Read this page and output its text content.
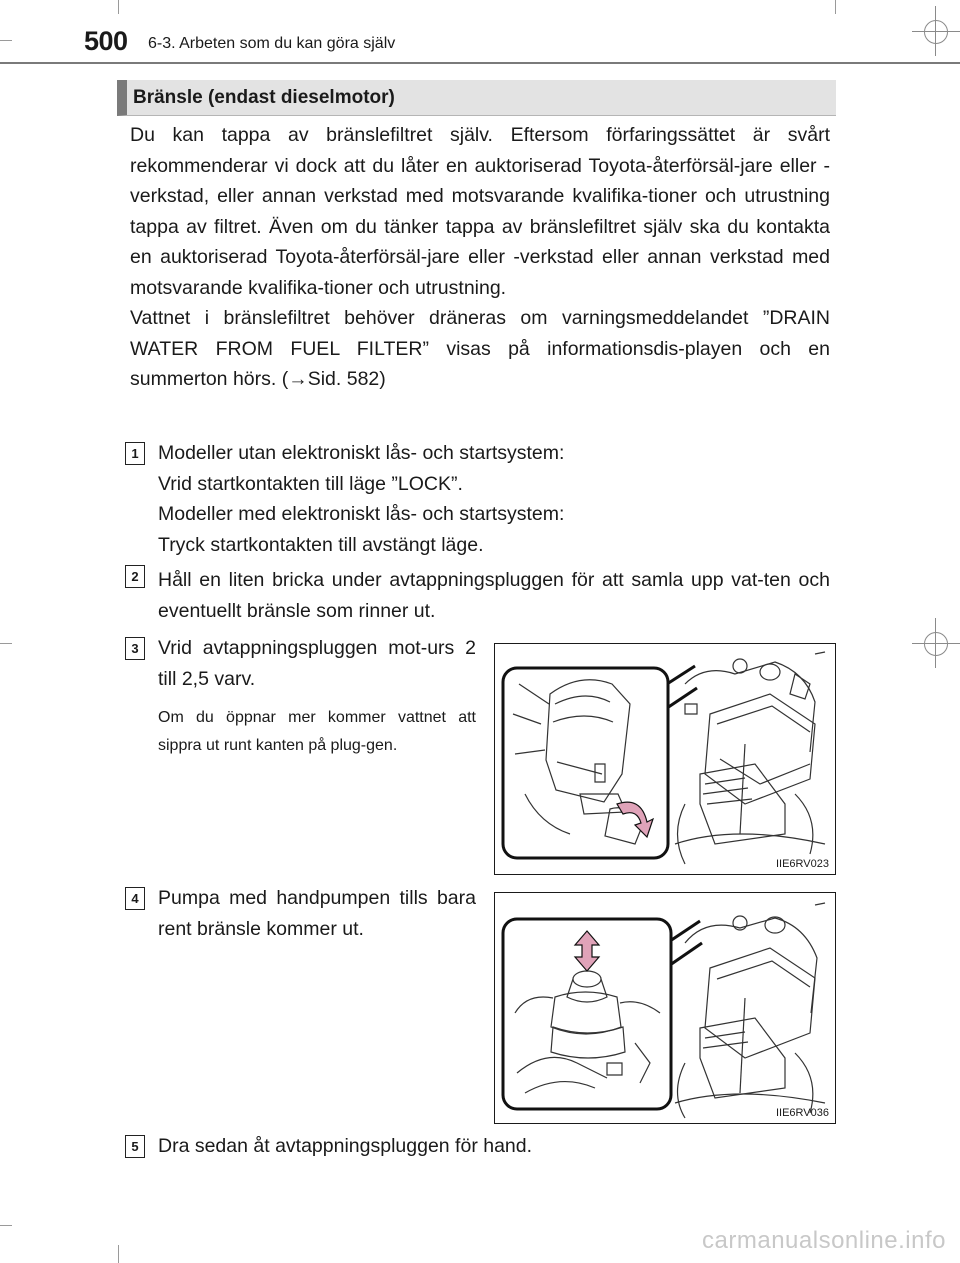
500 6-3. Arbeten som du kan göra själv
Bränsle (endast dieselmotor)

Du kan tappa av bränslefiltret själv. Eftersom förfaringssättet är svårt rekommenderar vi dock att du låter en auktoriserad Toyota-återförsäl-jare eller -verkstad, eller annan verkstad med motsvarande kvalifika-tioner och utrustning tappa av filtret. Även om du tänker tappa av bränslefiltret själv ska du kontakta en auktoriserad Toyota-återförsäl-jare eller -verkstad eller annan verkstad med motsvarande kvalifika-tioner och utrustning.

Vattnet i bränslefiltret behöver dräneras om varningsmeddelandet ”DRAIN WATER FROM FUEL FILTER” visas på informationsdis-playen och en summerton hörs. (→Sid. 582)

1 Modeller utan elektroniskt lås- och startsystem:

Vrid startkontakten till läge ”LOCK”.

Modeller med elektroniskt lås- och startsystem:

Tryck startkontakten till avstängt läge.

2 Håll en liten bricka under avtappningspluggen för att samla upp vat-ten och eventuellt bränsle som rinner ut.

3 Vrid avtappningspluggen mot-urs 2 till 2,5 varv.

Om du öppnar mer kommer vattnet att sippra ut runt kanten på plug-gen.

IIE6RV023
4 Pumpa med handpumpen tills bara rent bränsle kommer ut.

IIE6RV036
5 Dra sedan åt avtappningspluggen för hand.

carmanualsonline.info
